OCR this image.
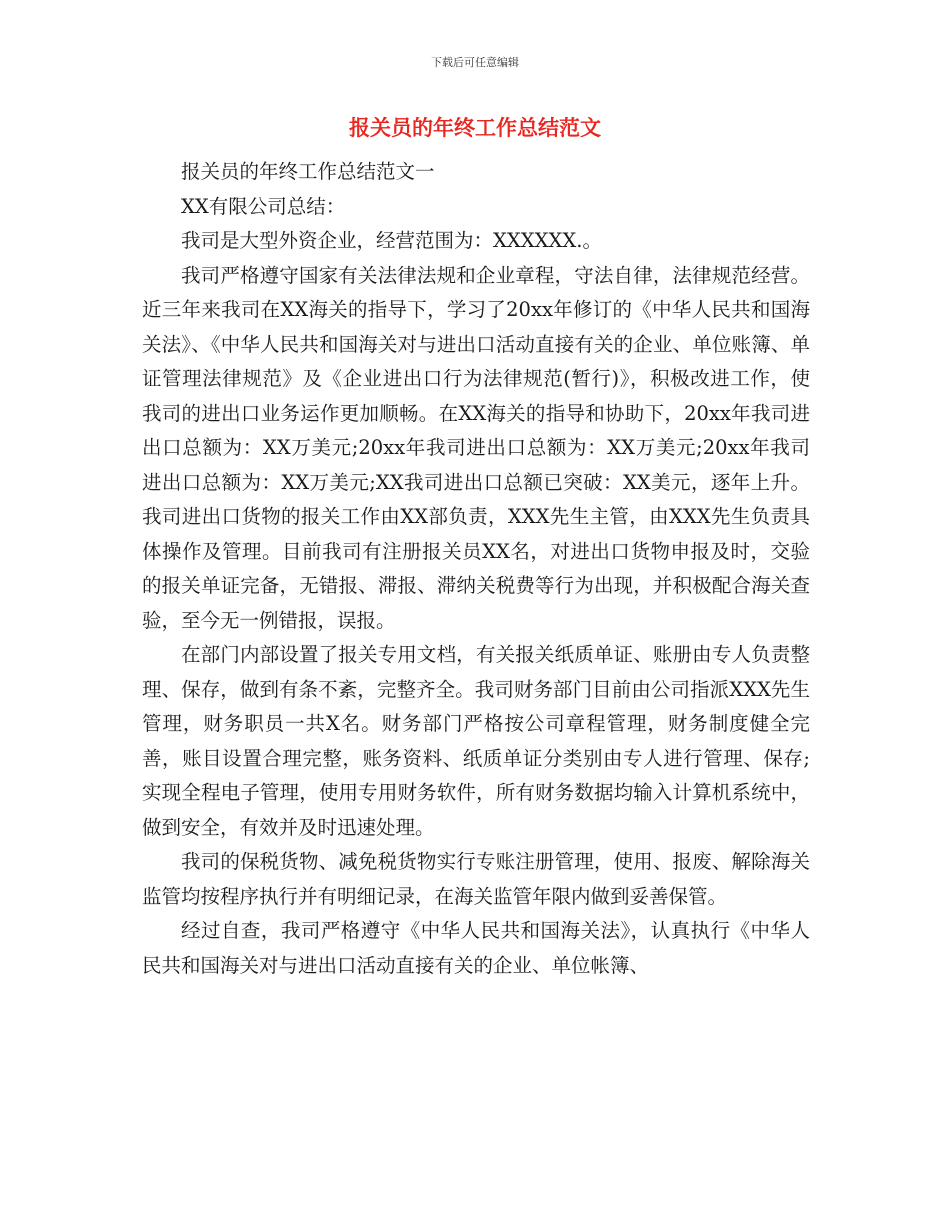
下载后可任意编辑
报关员的年终工作总结范文

报关员的年终工作总结范文一

XX有限公司总结：

我司是大型外资企业，经营范围为：XXXXXX.。

我司严格遵守国家有关法律法规和企业章程，守法自律，法律规范经营。近三年来我司在XX海关的指导下，学习了20xx年修订的《中华人民共和国海关法》、《中华人民共和国海关对与进出口活动直接有关的企业、单位账簿、单证管理法律规范》及《企业进出口行为法律规范(暂行)》，积极改进工作，使我司的进出口业务运作更加顺畅。在XX海关的指导和协助下，20xx年我司进出口总额为：XX万美元;20xx年我司进出口总额为：XX万美元;20xx年我司进出口总额为：XX万美元;XX我司进出口总额已突破：XX美元，逐年上升。我司进出口货物的报关工作由XX部负责，XXX先生主管，由XXX先生负责具体操作及管理。目前我司有注册报关员XX名，对进出口货物申报及时，交验的报关单证完备，无错报、滞报、滞纳关税费等行为出现，并积极配合海关查验，至今无一例错报，误报。

在部门内部设置了报关专用文档，有关报关纸质单证、账册由专人负责整理、保存，做到有条不紊，完整齐全。我司财务部门目前由公司指派XXX先生管理，财务职员一共X名。财务部门严格按公司章程管理，财务制度健全完善，账目设置合理完整，账务资料、纸质单证分类别由专人进行管理、保存;实现全程电子管理，使用专用财务软件，所有财务数据均输入计算机系统中，做到安全，有效并及时迅速处理。

我司的保税货物、减免税货物实行专账注册管理，使用、报废、解除海关监管均按程序执行并有明细记录，在海关监管年限内做到妥善保管。

经过自查，我司严格遵守《中华人民共和国海关法》，认真执行《中华人民共和国海关对与进出口活动直接有关的企业、单位帐簿、
